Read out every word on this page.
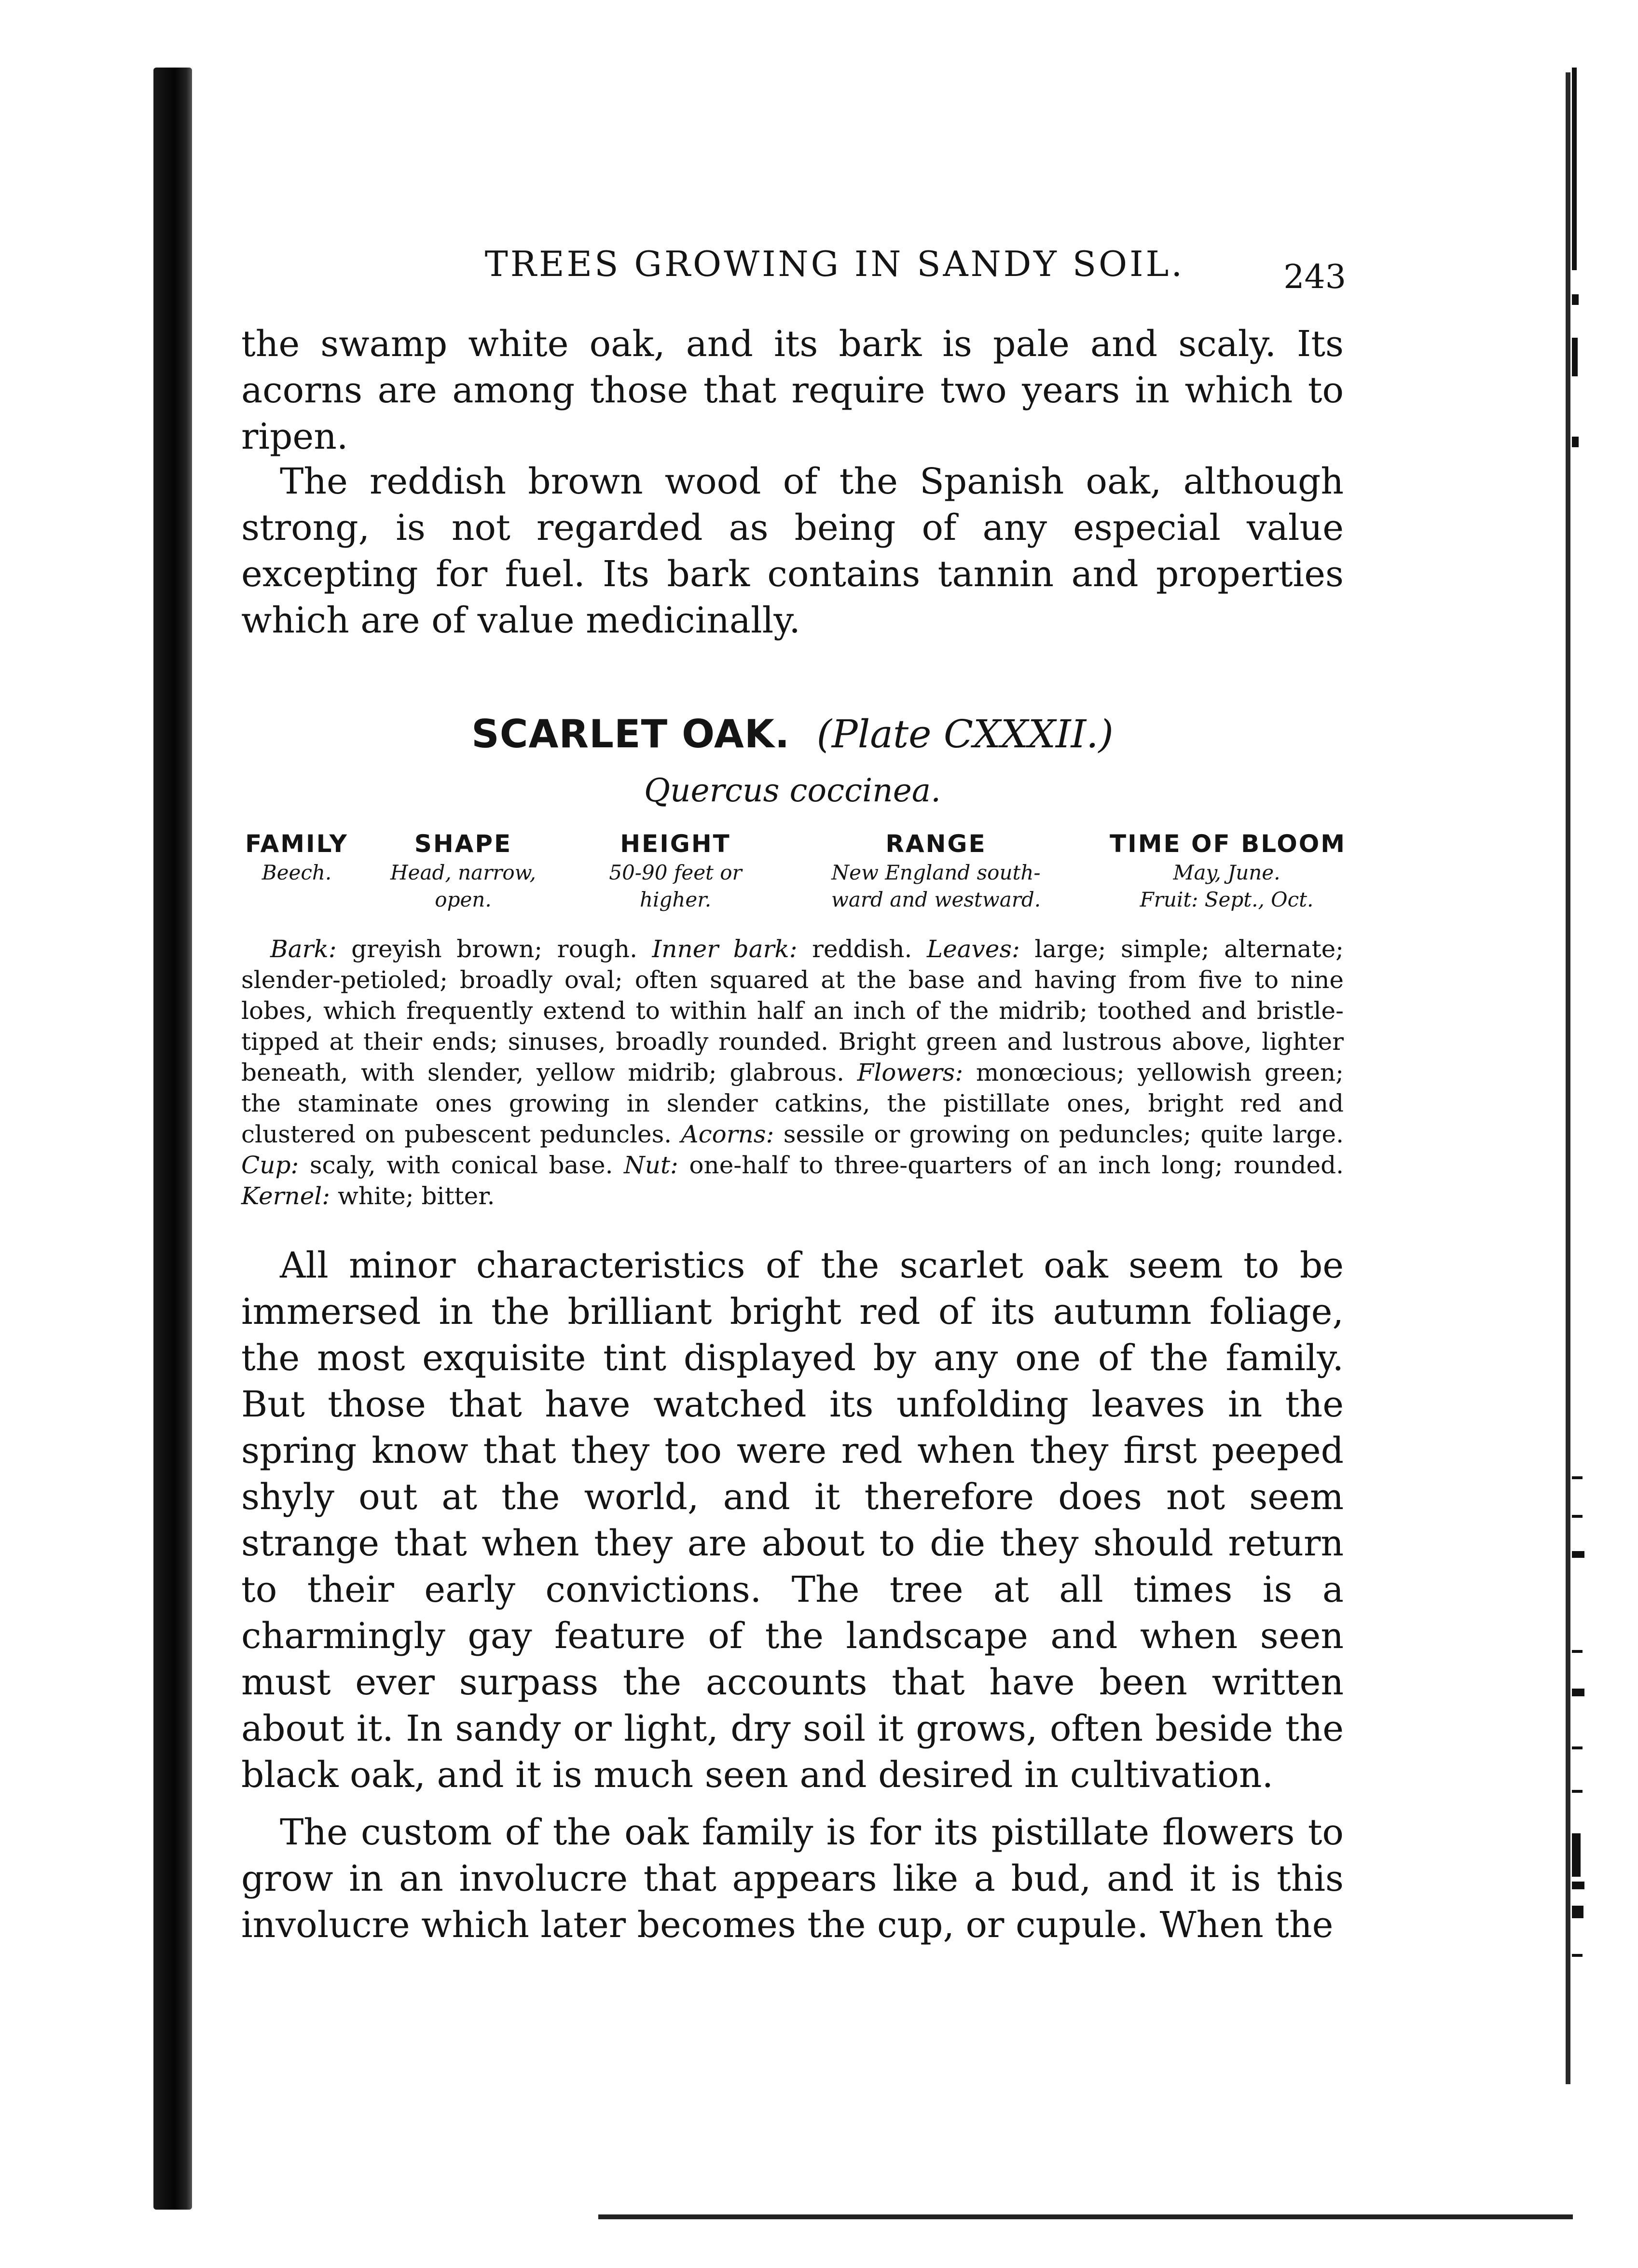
TREES GROWING IN SANDY SOIL.	243

the swamp white oak, and its bark is pale and scaly. Its acorns are among those that require two years in which to ripen.

The reddish brown wood of the Spanish oak, although strong, is not regarded as being of any especial value excepting for fuel. Its bark contains tannin and properties which are of value medicinally.

SCARLET OAK. (Plate CXXXII.)
Quercus coccinea.
FAMILY
Beech.
SHAPE
Head, narrow,
open.
HEIGHT
50-90 feet or
higher.
RANGE
New England south-
ward and westward.
TIME OF BLOOM
May, June.
Fruit: Sept., Oct.

Bark: greyish brown; rough. Inner bark: reddish. Leaves: large; simple; alternate; slender-petioled; broadly oval; often squared at the base and having from five to nine lobes, which frequently extend to within half an inch of the midrib; toothed and bristle-tipped at their ends; sinuses, broadly rounded. Bright green and lustrous above, lighter beneath, with slender, yellow midrib; glabrous. Flowers: monœcious; yellowish green; the staminate ones growing in slender catkins, the pistillate ones, bright red and clustered on pubescent peduncles. Acorns: sessile or growing on peduncles; quite large. Cup: scaly, with conical base. Nut: one-half to three-quarters of an inch long; rounded. Kernel: white; bitter.

All minor characteristics of the scarlet oak seem to be immersed in the brilliant bright red of its autumn foliage, the most exquisite tint displayed by any one of the family. But those that have watched its unfolding leaves in the spring know that they too were red when they first peeped shyly out at the world, and it therefore does not seem strange that when they are about to die they should return to their early convictions. The tree at all times is a charmingly gay feature of the landscape and when seen must ever surpass the accounts that have been written about it. In sandy or light, dry soil it grows, often beside the black oak, and it is much seen and desired in cultivation.

The custom of the oak family is for its pistillate flowers to grow in an involucre that appears like a bud, and it is this involucre which later becomes the cup, or cupule. When the
